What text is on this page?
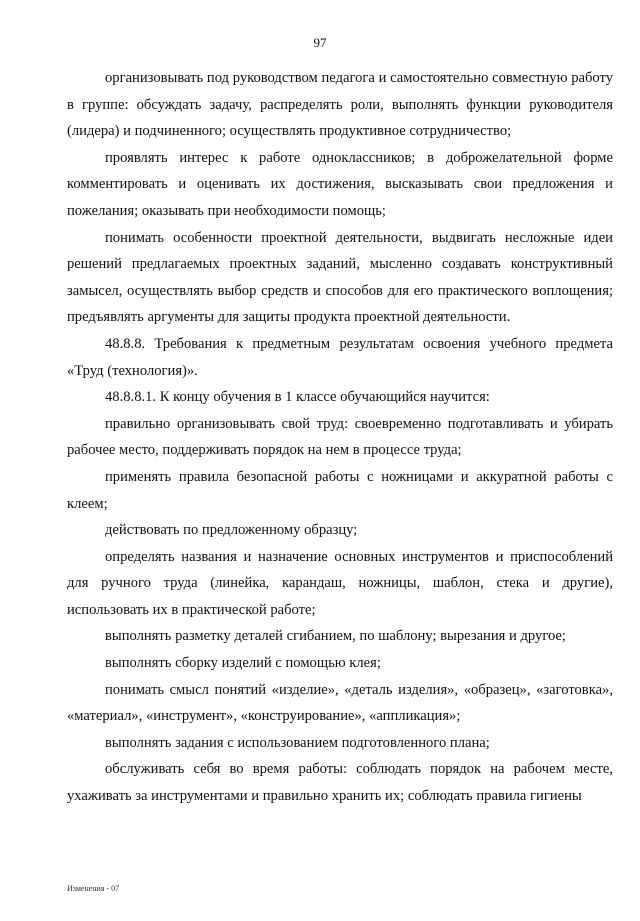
97

организовывать под руководством педагога и самостоятельно совместную работу в группе: обсуждать задачу, распределять роли, выполнять функции руководителя (лидера) и подчиненного; осуществлять продуктивное сотрудничество;

проявлять интерес к работе одноклассников; в доброжелательной форме комментировать и оценивать их достижения, высказывать свои предложения и пожелания; оказывать при необходимости помощь;

понимать особенности проектной деятельности, выдвигать несложные идеи решений предлагаемых проектных заданий, мысленно создавать конструктивный замысел, осуществлять выбор средств и способов для его практического воплощения; предъявлять аргументы для защиты продукта проектной деятельности.

48.8.8. Требования к предметным результатам освоения учебного предмета «Труд (технология)».

48.8.8.1. К концу обучения в 1 классе обучающийся научится:

правильно организовывать свой труд: своевременно подготавливать и убирать рабочее место, поддерживать порядок на нем в процессе труда;

применять правила безопасной работы с ножницами и аккуратной работы с клеем;

действовать по предложенному образцу;

определять названия и назначение основных инструментов и приспособлений для ручного труда (линейка, карандаш, ножницы, шаблон, стека и другие), использовать их в практической работе;

выполнять разметку деталей сгибанием, по шаблону; вырезания и другое;

выполнять сборку изделий с помощью клея;

понимать смысл понятий «изделие», «деталь изделия», «образец», «заготовка», «материал», «инструмент», «конструирование», «аппликация»;

выполнять задания с использованием подготовленного плана;

обслуживать себя во время работы: соблюдать порядок на рабочем месте, ухаживать за инструментами и правильно хранить их; соблюдать правила гигиены

Изменения - 07
